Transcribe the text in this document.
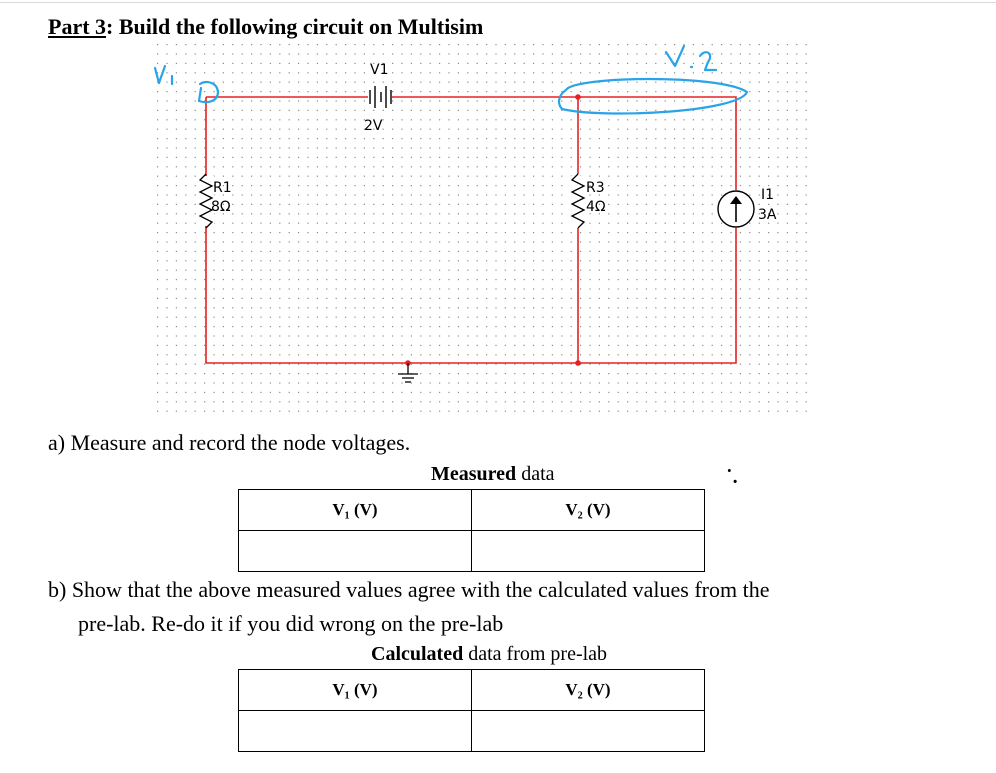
Part 3: Build the following circuit on Multisim
V1
2V
R1
8Ω
R3
4Ω
I1
3A
a) Measure and record the node voltages.
Measured data	˙.
V₁ (V)	V₂ (V)

b) Show that the above measured values agree with the calculated values from the
pre-lab. Re-do it if you did wrong on the pre-lab
Calculated data from pre-lab
V₁ (V)	V₂ (V)
